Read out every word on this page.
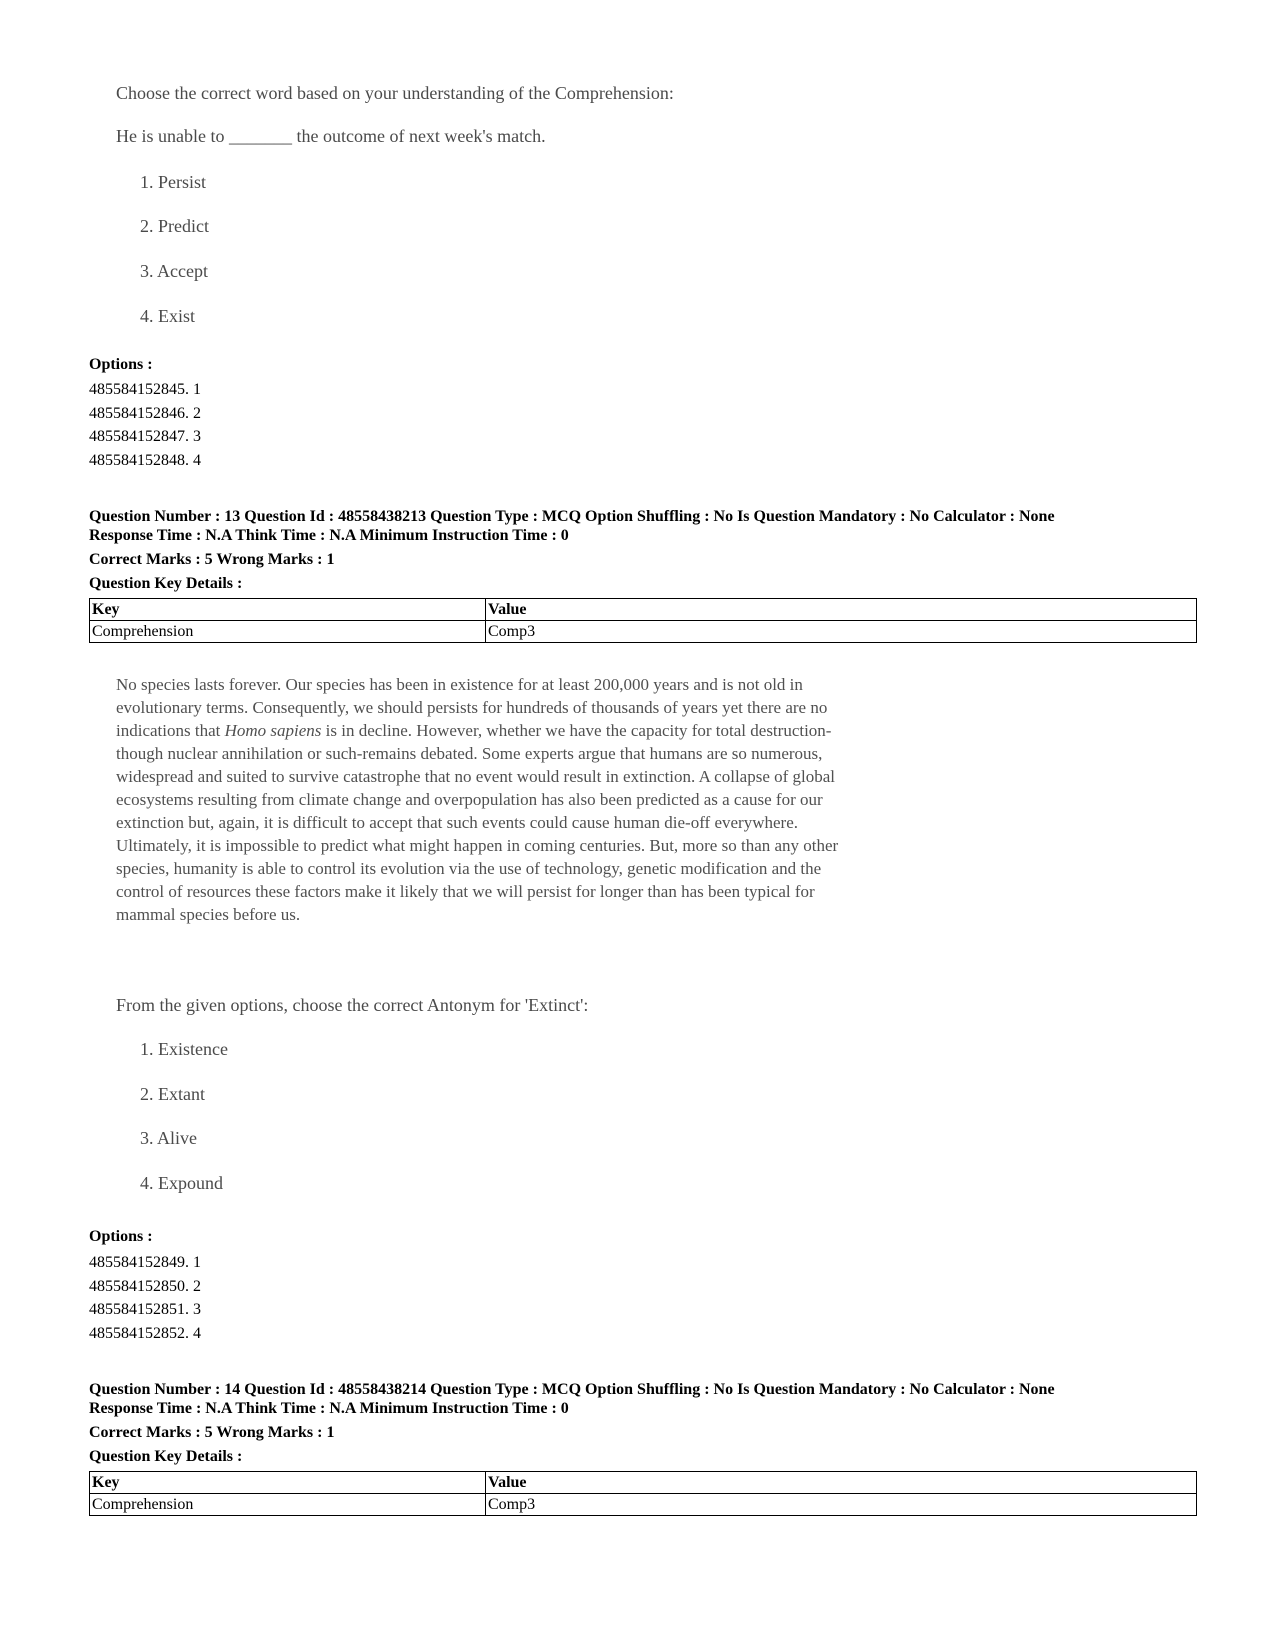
Choose the correct word based on your understanding of the Comprehension:
He is unable to _______ the outcome of next week's match.
1. Persist
2. Predict
3. Accept
4. Exist
Options :
485584152845. 1
485584152846. 2
485584152847. 3
485584152848. 4
Question Number : 13 Question Id : 48558438213 Question Type : MCQ Option Shuffling : No Is Question Mandatory : No Calculator : None
Response Time : N.A Think Time : N.A Minimum Instruction Time : 0
Correct Marks : 5 Wrong Marks : 1
Question Key Details :
Key	Value
Comprehension	Comp3
No species lasts forever. Our species has been in existence for at least 200,000 years and is not old in
evolutionary terms. Consequently, we should persists for hundreds of thousands of years yet there are no
indications that Homo sapiens is in decline. However, whether we have the capacity for total destruction-
though nuclear annihilation or such-remains debated. Some experts argue that humans are so numerous,
widespread and suited to survive catastrophe that no event would result in extinction. A collapse of global
ecosystems resulting from climate change and overpopulation has also been predicted as a cause for our
extinction but, again, it is difficult to accept that such events could cause human die-off everywhere.
Ultimately, it is impossible to predict what might happen in coming centuries. But, more so than any other
species, humanity is able to control its evolution via the use of technology, genetic modification and the
control of resources these factors make it likely that we will persist for longer than has been typical for
mammal species before us.
From the given options, choose the correct Antonym for 'Extinct':
1. Existence
2. Extant
3. Alive
4. Expound
Options :
485584152849. 1
485584152850. 2
485584152851. 3
485584152852. 4
Question Number : 14 Question Id : 48558438214 Question Type : MCQ Option Shuffling : No Is Question Mandatory : No Calculator : None
Response Time : N.A Think Time : N.A Minimum Instruction Time : 0
Correct Marks : 5 Wrong Marks : 1
Question Key Details :
Key	Value
Comprehension	Comp3
